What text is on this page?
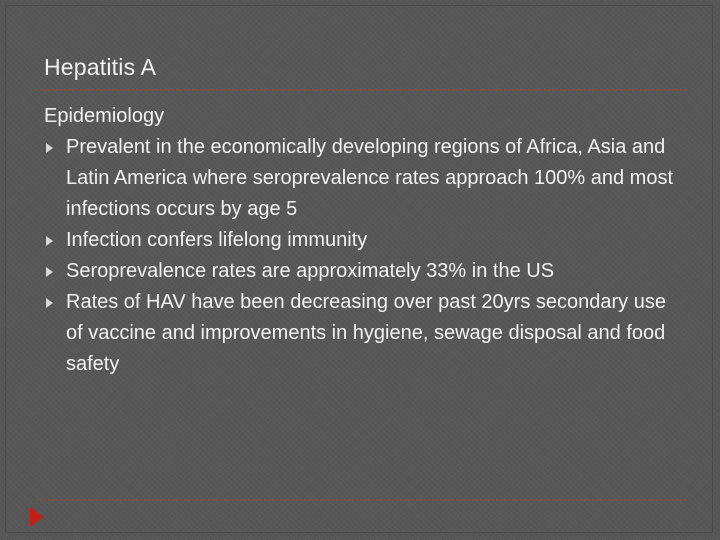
Hepatitis A

Epidemiology

Prevalent in the economically developing regions of Africa, Asia and Latin America where seroprevalence rates approach 100% and most infections occurs by age 5
Infection confers lifelong immunity
Seroprevalence rates are approximately 33% in the US
Rates of HAV have been decreasing over past 20yrs secondary use of vaccine and improvements in hygiene, sewage disposal and food safety
